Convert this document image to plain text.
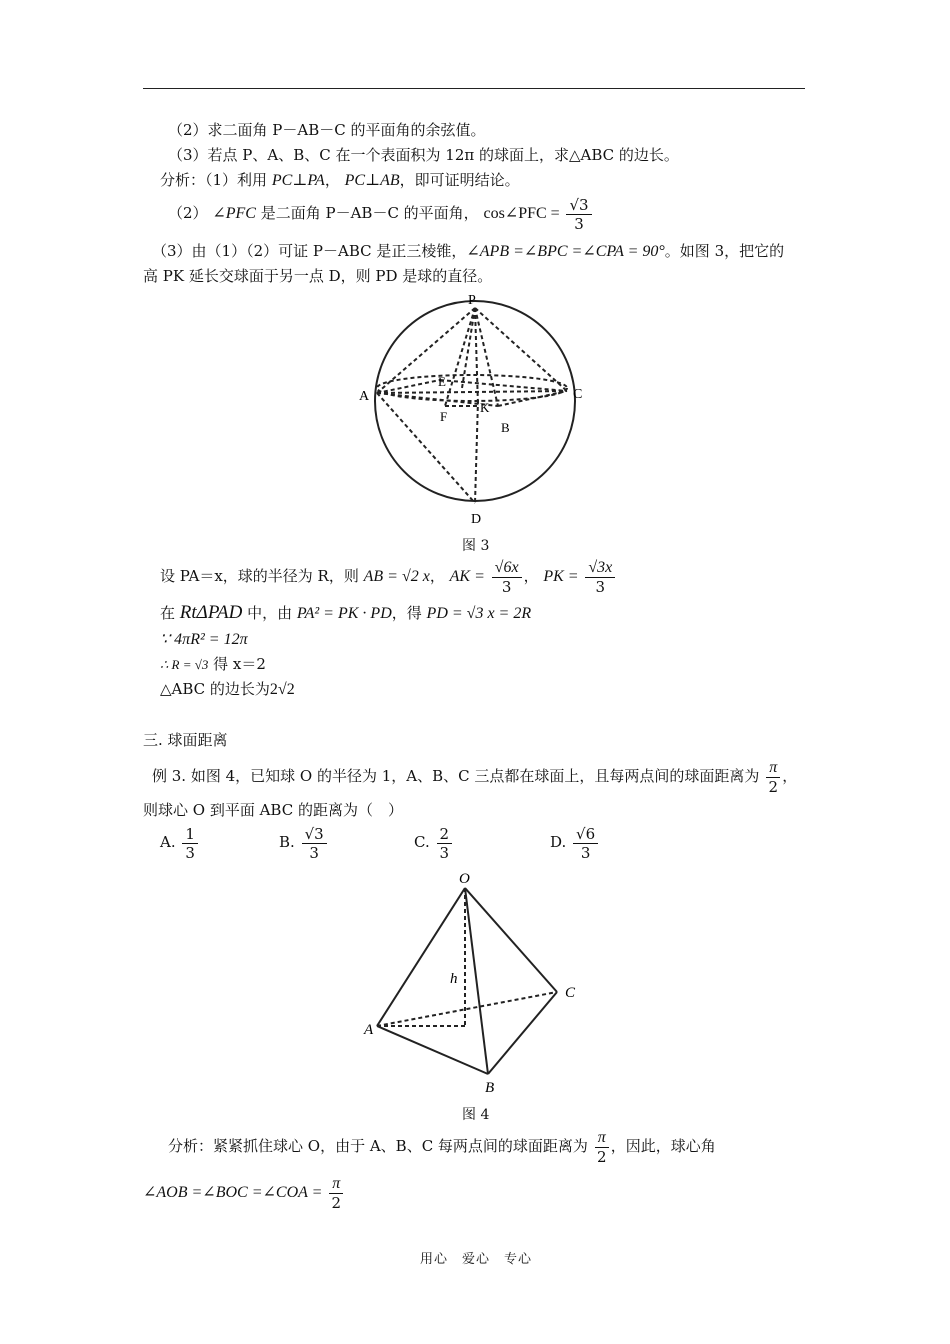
（2）求二面角 P－AB－C 的平面角的余弦值。
（3）若点 P、A、B、C 在一个表面积为 12π 的球面上，求△ABC 的边长。
分析：（1）利用 PC⊥PA， PC⊥AB，即可证明结论。
（2） ∠PFC 是二面角 P－AB－C 的平面角， cos∠PFC = $\frac{√3}{3}$
（3）由（1）（2）可证 P－ABC 是正三棱锥，∠APB =∠BPC =∠CPA = 90°。如图 3，把它的
高 PK 延长交球面于另一点 D，则 PD 是球的直径。
P
A	C
E
F
K
B
D
图 3
设 PA＝x，球的半径为 R，则 AB = √2 x， AK = $\frac{√6x}{3}$ ， PK = $\frac{√3x}{3}$
在 RtΔPAD 中，由 PA² = PK · PD，得 PD = √3 x = 2R
∵ 4πR² = 12π
∴ R = √3 得 x＝2
△ABC 的边长为2√2
三. 球面距离
例 3. 如图 4，已知球 O 的半径为 1，A、B、C 三点都在球面上，且每两点间的球面距离为 $\frac{\pi}{2}$ ，
则球心 O 到平面 ABC 的距离为（　）
A. $\frac{1}{3}$	B. $\frac{√3}{3}$	C. $\frac{2}{3}$	D. $\frac{√6}{3}$
O
h
C
A
B
图 4
分析：紧紧抓住球心 O，由于 A、B、C 每两点间的球面距离为 $\frac{\pi}{2}$ ，因此，球心角
∠AOB =∠BOC =∠COA = $\frac{\pi}{2}$
用心　爱心　专心
